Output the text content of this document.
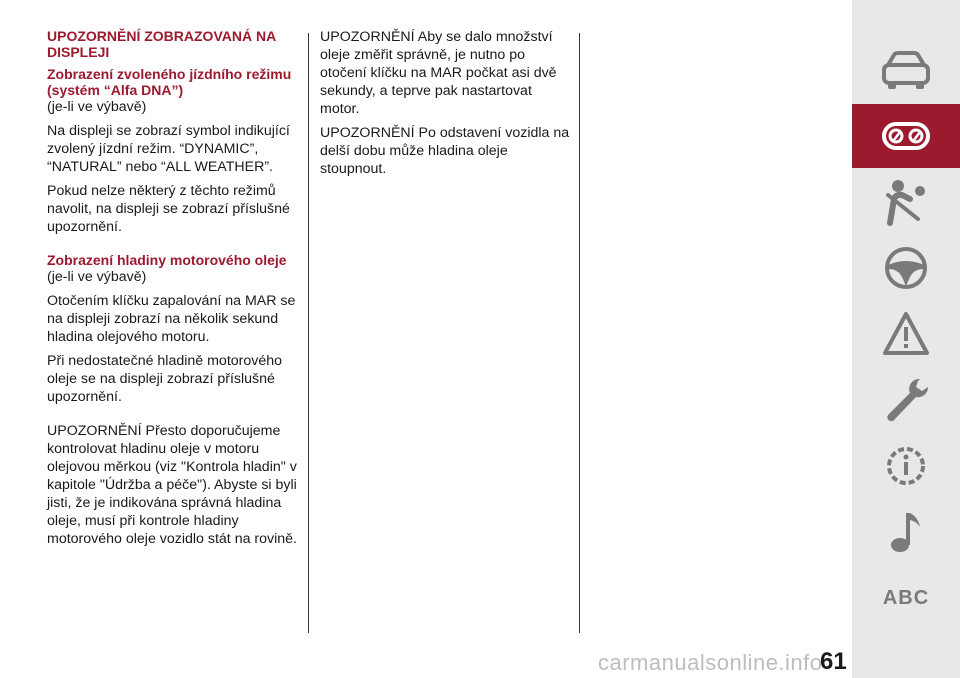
UPOZORNĚNÍ ZOBRAZOVANÁ NA DISPLEJI
Zobrazení zvoleného jízdního režimu (systém “Alfa DNA”)

(je-li ve výbavě)

Na displeji se zobrazí symbol indikující zvolený jízdní režim. “DYNAMIC”, “NATURAL” nebo “ALL WEATHER”.

Pokud nelze některý z těchto režimů navolit, na displeji se zobrazí příslušné upozornění.

Zobrazení hladiny motorového oleje

(je-li ve výbavě)

Otočením klíčku zapalování na MAR se na displeji zobrazí na několik sekund hladina olejového motoru.

Při nedostatečné hladině motorového oleje se na displeji zobrazí příslušné upozornění.

UPOZORNĚNÍ Přesto doporučujeme kontrolovat hladinu oleje v motoru olejovou měrkou (viz "Kontrola hladin" v kapitole "Údržba a péče"). Abyste si byli jisti, že je indikována správná hladina oleje, musí při kontrole hladiny motorového oleje vozidlo stát na rovině.

UPOZORNĚNÍ Aby se dalo množství oleje změřit správně, je nutno po otočení klíčku na MAR počkat asi dvě sekundy, a teprve pak nastartovat motor.

UPOZORNĚNÍ Po odstavení vozidla na delší dobu může hladina oleje stoupnout.

ABC
61
carmanualsonline.info
